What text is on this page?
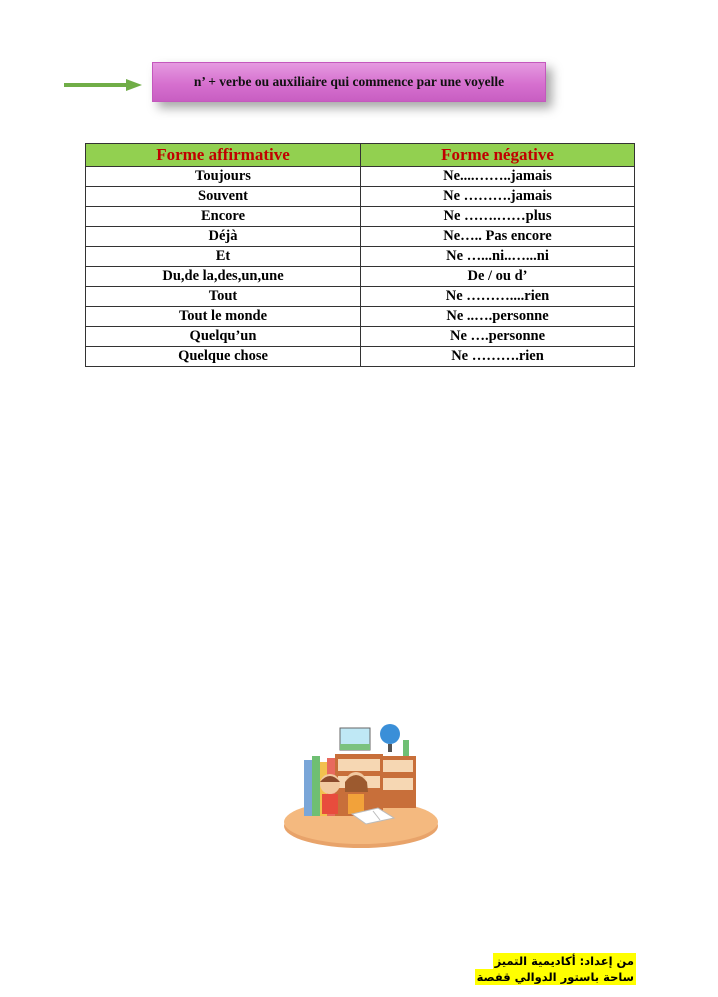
n’ + verbe ou auxiliaire qui commence par une voyelle
Forme affirmative	Forme négative
Toujours	Ne....……..jamais
Souvent	Ne ……….jamais
Encore	Ne …….……plus
Déjà	Ne….. Pas encore
Et	Ne …...ni..…...ni
Du,de la,des,un,une	De / ou d’
Tout	Ne ………....rien
Tout le monde	Ne ..….personne
Quelqu’un	Ne ….personne
Quelque chose	Ne ……….rien
من إعداد: أكاديمية التميز
ساحة باستور الدوالي قفصة
